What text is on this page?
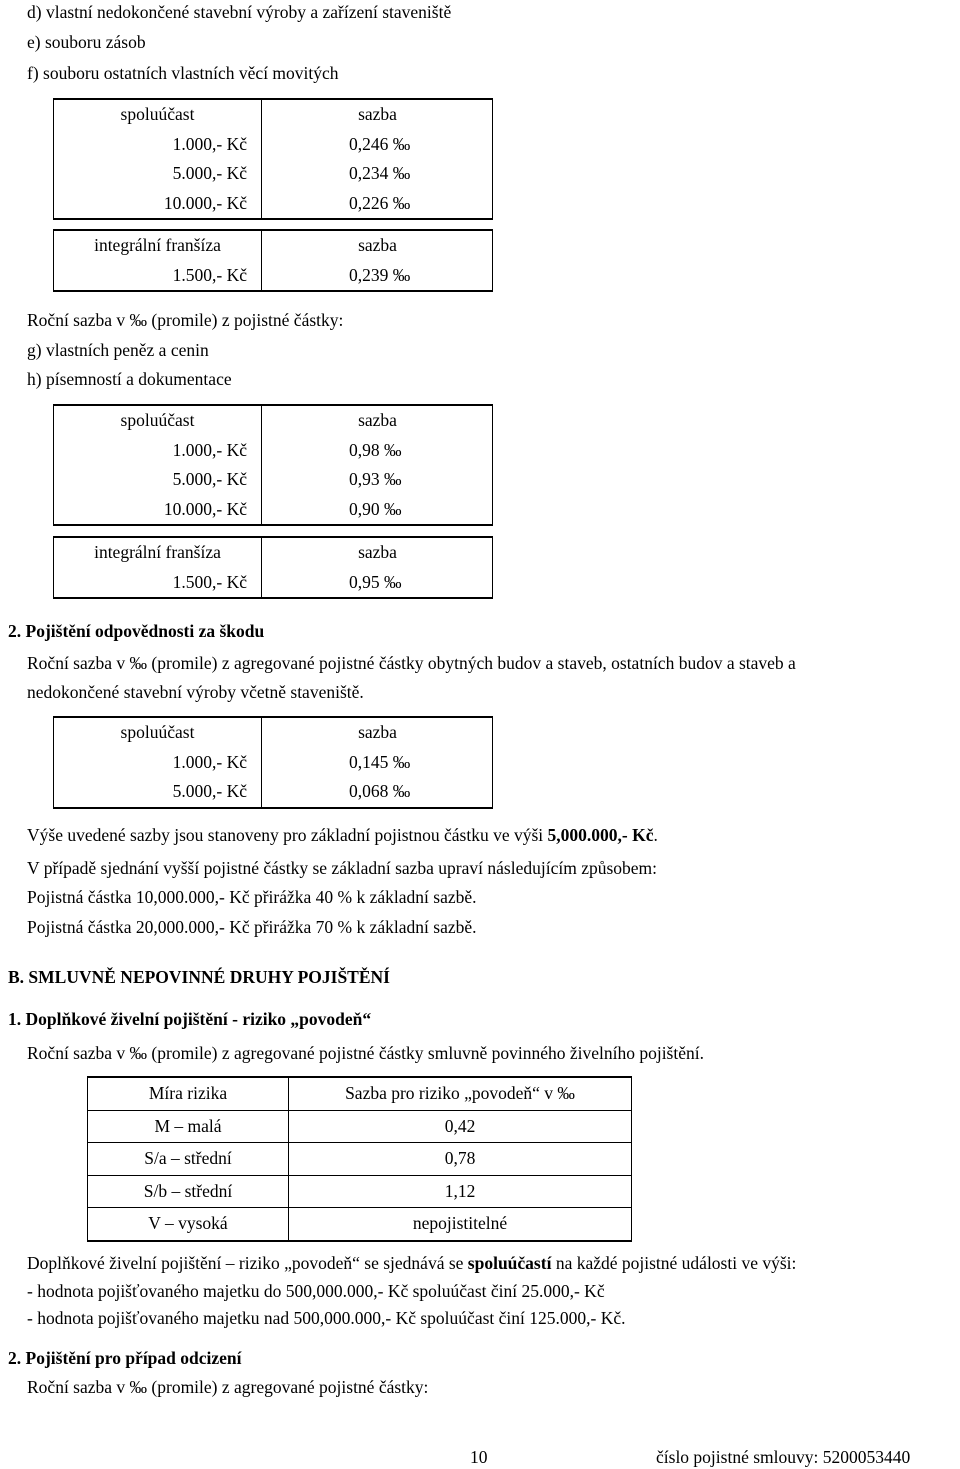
d) vlastní nedokončené stavební výroby a zařízení staveniště
e) souboru zásob
f) souboru ostatních vlastních věcí movitých
spoluúčast	sazba
1.000,- Kč	0,246 ‰
5.000,- Kč	0,234 ‰
10.000,- Kč	0,226 ‰
integrální franšíza	sazba
1.500,- Kč	0,239 ‰
Roční sazba v ‰ (promile) z pojistné částky:
g) vlastních peněz a cenin
h) písemností a dokumentace
spoluúčast	sazba
1.000,- Kč	0,98 ‰
5.000,- Kč	0,93 ‰
10.000,- Kč	0,90 ‰
integrální franšíza	sazba
1.500,- Kč	0,95 ‰
2. Pojištění odpovědnosti za škodu
Roční sazba v ‰ (promile) z agregované pojistné částky obytných budov a staveb, ostatních budov a staveb a
nedokončené stavební výroby včetně staveniště.
spoluúčast	sazba
1.000,- Kč	0,145 ‰
5.000,- Kč	0,068 ‰
Výše uvedené sazby jsou stanoveny pro základní pojistnou částku ve výši 5,000.000,- Kč.
V případě sjednání vyšší pojistné částky se základní sazba upraví následujícím způsobem:
Pojistná částka 10,000.000,- Kč přirážka 40 % k základní sazbě.
Pojistná částka 20,000.000,- Kč přirážka 70 % k základní sazbě.
B. SMLUVNĚ NEPOVINNÉ DRUHY POJIŠTĚNÍ
1. Doplňkové živelní pojištění - riziko „povodeň“
Roční sazba v ‰ (promile) z agregované pojistné částky smluvně povinného živelního pojištění.
Míra rizika	Sazba pro riziko „povodeň“ v ‰
M – malá	0,42
S/a – střední	0,78
S/b – střední	1,12
V – vysoká	nepojistitelné
Doplňkové živelní pojištění – riziko „povodeň“ se sjednává se spoluúčastí na každé pojistné události ve výši:
- hodnota pojišťovaného majetku do 500,000.000,- Kč spoluúčast činí 25.000,- Kč
- hodnota pojišťovaného majetku nad 500,000.000,- Kč spoluúčast činí 125.000,- Kč.
2. Pojištění pro případ odcizení
Roční sazba v ‰ (promile) z agregované pojistné částky:
10	číslo pojistné smlouvy: 5200053440
